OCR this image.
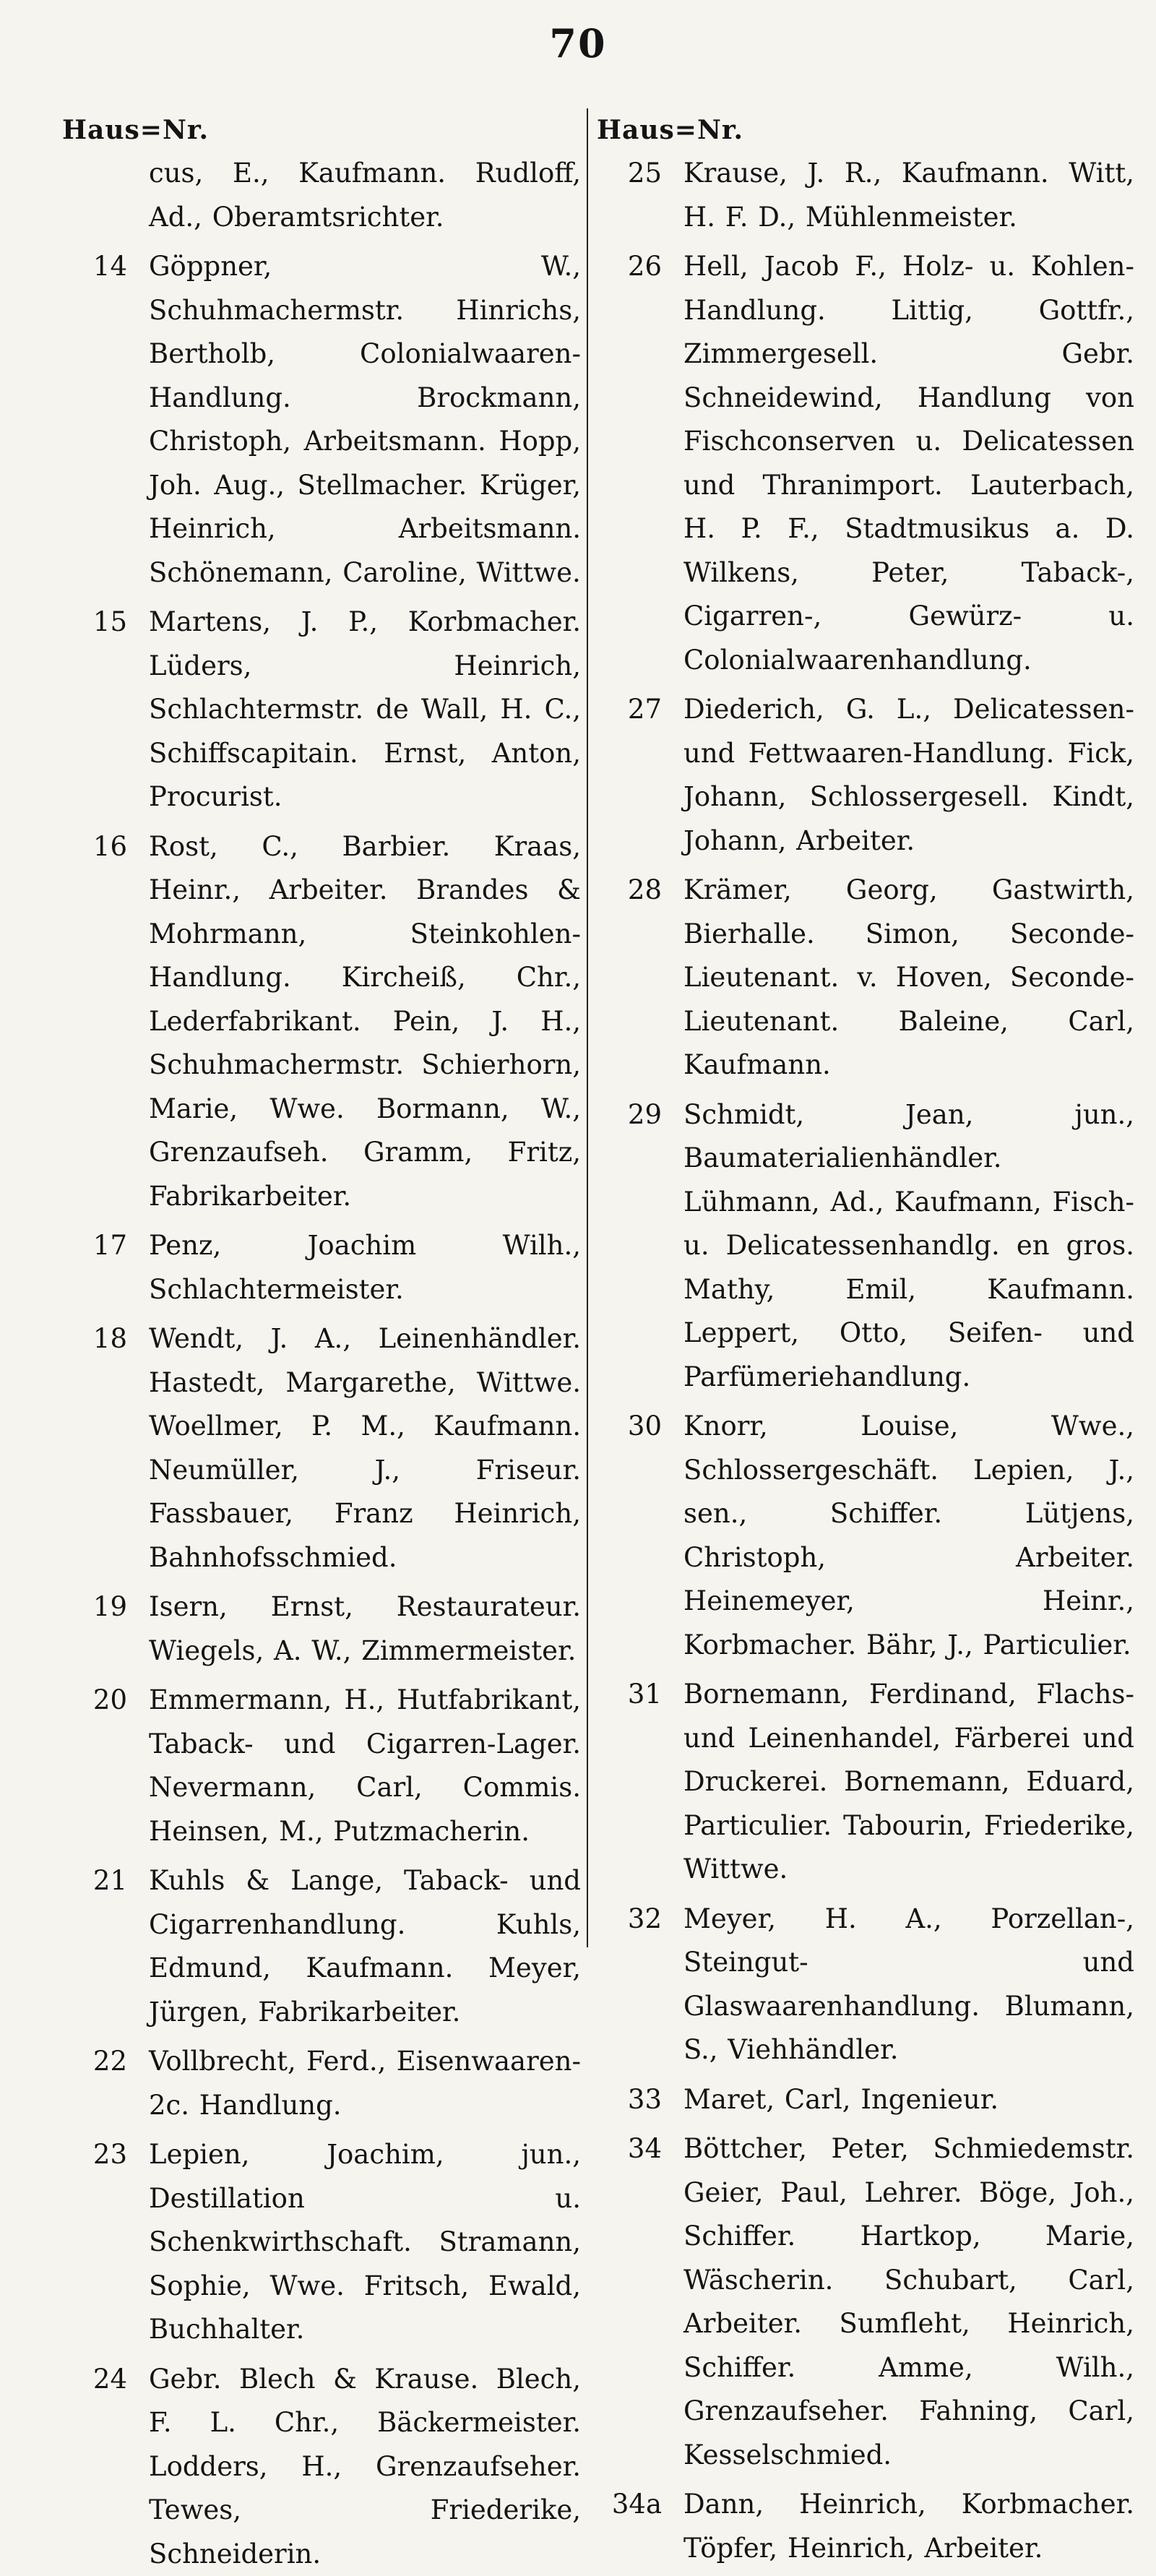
70
Haus=Nr.
cus, E., Kaufmann. Rudloff, Ad., Oberamtsrichter.
14 Göppner, W., Schuhmachermstr. Hinrichs, Bertholb, Colonialwaaren-Handlung. Brockmann, Christoph, Arbeitsmann. Hopp, Joh. Aug., Stellmacher. Krüger, Heinrich, Arbeitsmann. Schönemann, Caroline, Wittwe.
15 Martens, J. P., Korbmacher. Lüders, Heinrich, Schlachtermstr. de Wall, H. C., Schiffscapitain. Ernst, Anton, Procurist.
16 Rost, C., Barbier. Kraas, Heinr., Arbeiter. Brandes & Mohrmann, Steinkohlen-Handlung. Kircheiß, Chr., Lederfabrikant. Pein, J. H., Schuhmachermstr. Schierhorn, Marie, Wwe. Bormann, W., Grenzaufseh. Gramm, Fritz, Fabrikarbeiter.
17 Penz, Joachim Wilh., Schlachtermeister.
18 Wendt, J. A., Leinenhändler. Hastedt, Margarethe, Wittwe. Woellmer, P. M., Kaufmann. Neumüller, J., Friseur. Fassbauer, Franz Heinrich, Bahnhofsschmied.
19 Isern, Ernst, Restaurateur. Wiegels, A. W., Zimmermeister.
20 Emmermann, H., Hutfabrikant, Taback- und Cigarren-Lager. Nevermann, Carl, Commis. Heinsen, M., Putzmacherin.
21 Kuhls & Lange, Taback- und Cigarrenhandlung. Kuhls, Edmund, Kaufmann. Meyer, Jürgen, Fabrikarbeiter.
22 Vollbrecht, Ferd., Eisenwaaren- 2c. Handlung.
23 Lepien, Joachim, jun., Destillation u. Schenkwirthschaft. Stramann, Sophie, Wwe. Fritsch, Ewald, Buchhalter.
24 Gebr. Blech & Krause. Blech, F. L. Chr., Bäckermeister. Lodders, H., Grenzaufseher. Tewes, Friederike, Schneiderin.
Haus=Nr.
25 Krause, J. R., Kaufmann. Witt, H. F. D., Mühlenmeister.
26 Hell, Jacob F., Holz- u. Kohlen-Handlung. Littig, Gottfr., Zimmergesell. Gebr. Schneidewind, Handlung von Fischconserven u. Delicatessen und Thranimport. Lauterbach, H. P. F., Stadtmusikus a. D. Wilkens, Peter, Taback-, Cigarren-, Gewürz- u. Colonialwaarenhandlung.
27 Diederich, G. L., Delicatessen- und Fettwaaren-Handlung. Fick, Johann, Schlossergesell. Kindt, Johann, Arbeiter.
28 Krämer, Georg, Gastwirth, Bierhalle. Simon, Seconde-Lieutenant. v. Hoven, Seconde-Lieutenant. Baleine, Carl, Kaufmann.
29 Schmidt, Jean, jun., Baumaterialienhändler. Lühmann, Ad., Kaufmann, Fisch- u. Delicatessenhandlg. en gros. Mathy, Emil, Kaufmann. Leppert, Otto, Seifen- und Parfümeriehandlung.
30 Knorr, Louise, Wwe., Schlossergeschäft. Lepien, J., sen., Schiffer. Lütjens, Christoph, Arbeiter. Heinemeyer, Heinr., Korbmacher. Bähr, J., Particulier.
31 Bornemann, Ferdinand, Flachs- und Leinenhandel, Färberei und Druckerei. Bornemann, Eduard, Particulier. Tabourin, Friederike, Wittwe.
32 Meyer, H. A., Porzellan-, Steingut- und Glaswaarenhandlung. Blumann, S., Viehhändler.
33 Maret, Carl, Ingenieur.
34 Böttcher, Peter, Schmiedemstr. Geier, Paul, Lehrer. Böge, Joh., Schiffer. Hartkop, Marie, Wäscherin. Schubart, Carl, Arbeiter. Sumfleht, Heinrich, Schiffer. Amme, Wilh., Grenzaufseher. Fahning, Carl, Kesselschmied.
34a Dann, Heinrich, Korbmacher. Töpfer, Heinrich, Arbeiter.
